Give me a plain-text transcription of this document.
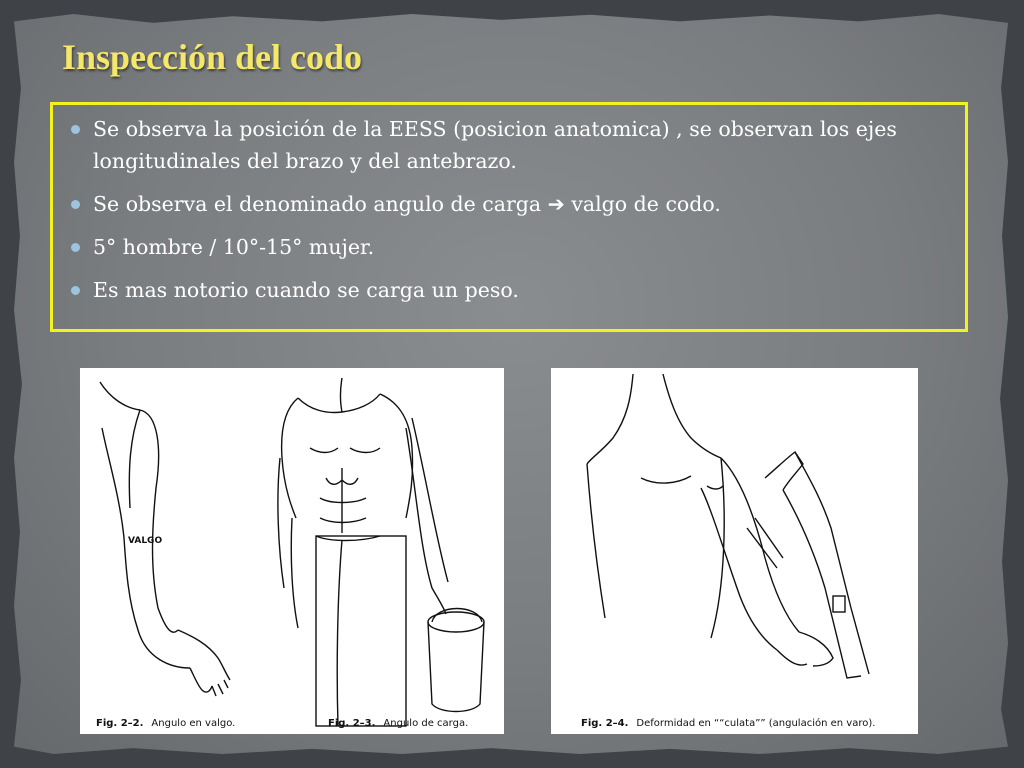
Inspección del codo
Se observa la posición de la EESS (posicion anatomica) , se observan los ejes longitudinales del brazo y del antebrazo.
Se observa el denominado angulo de carga ➔ valgo de codo.
5° hombre / 10°-15° mujer.
Es mas notorio cuando se carga un peso.
VALGO
Fig. 2–2. Angulo en valgo.	Fig. 2–3. Angulo de carga.	Fig. 2–4. Deformidad en ““culata”” (angulación en varo).
